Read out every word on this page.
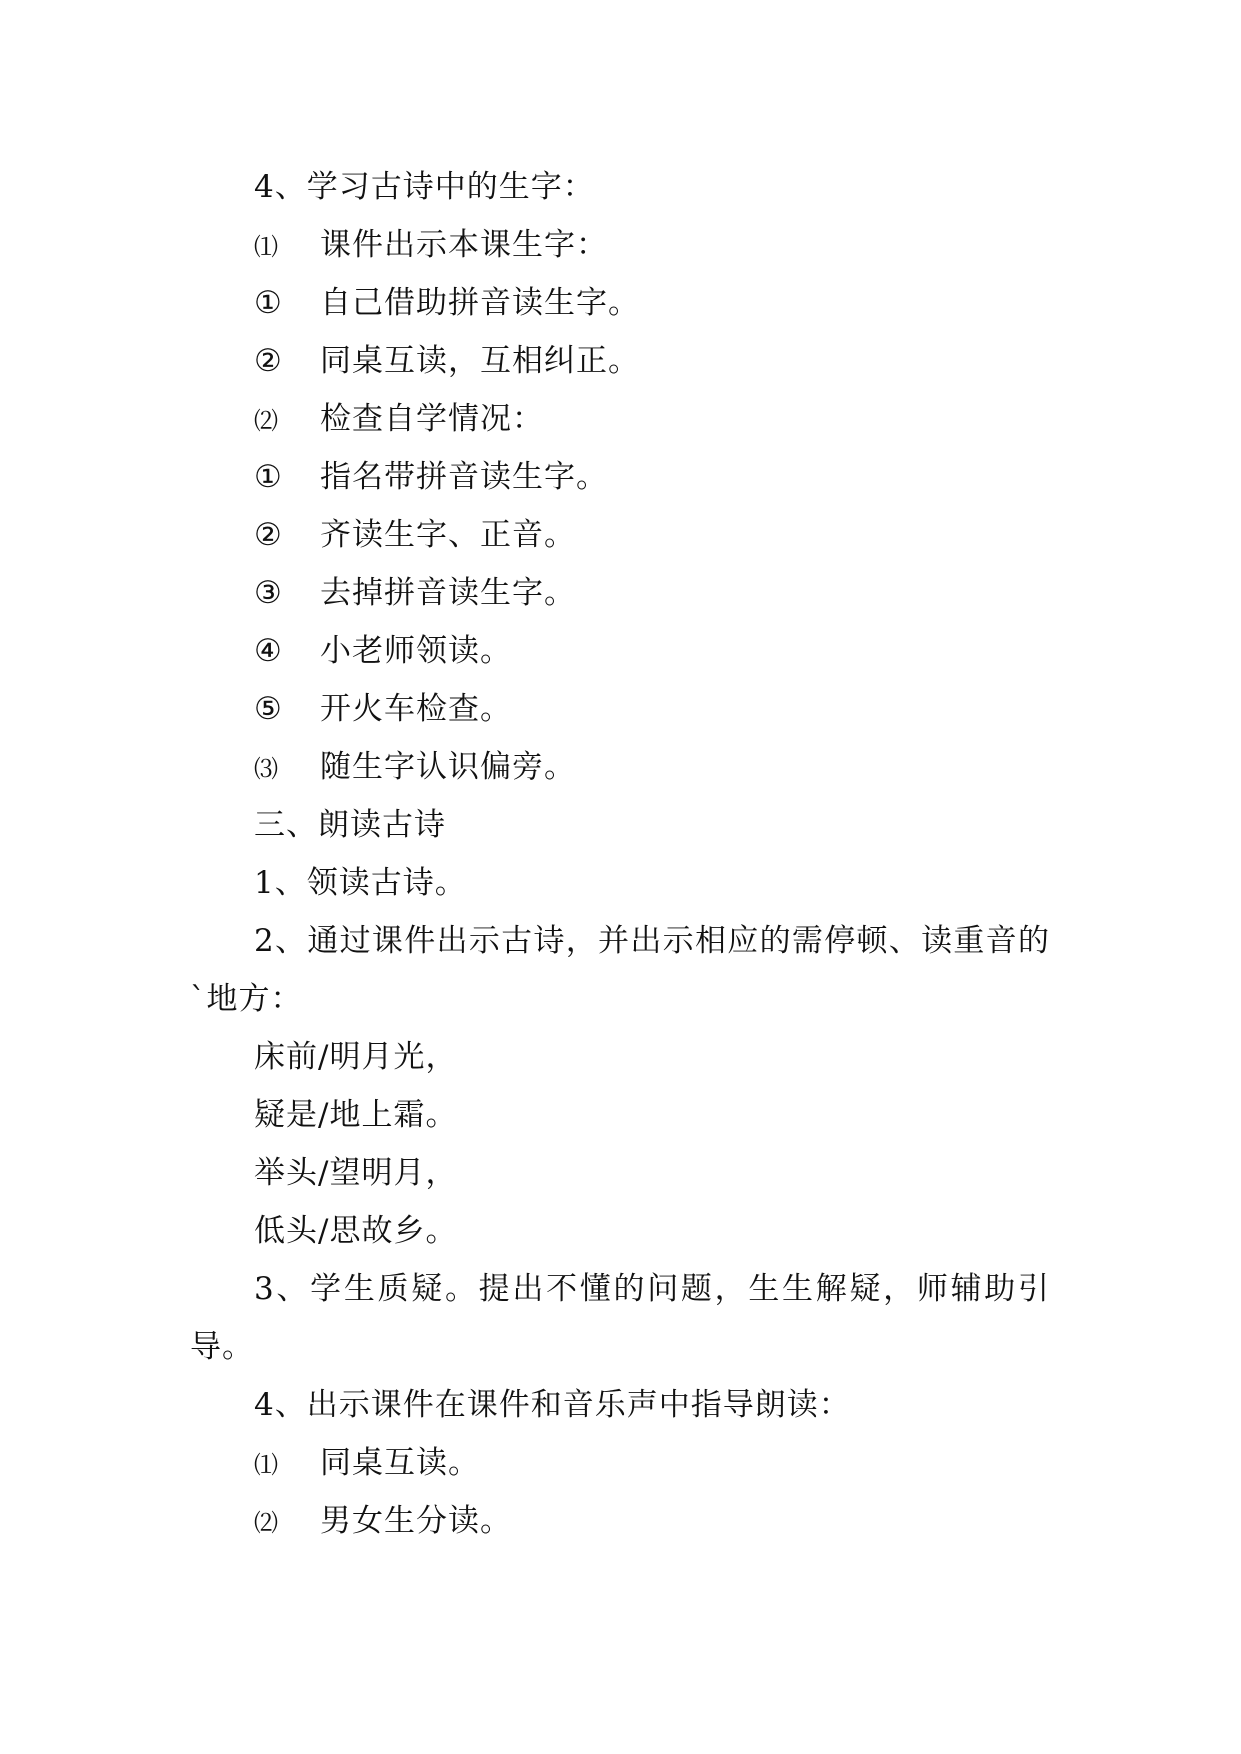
4、学习古诗中的生字：
⑴ 课件出示本课生字：
① 自己借助拼音读生字。
② 同桌互读，互相纠正。
⑵ 检查自学情况：
① 指名带拼音读生字。
② 齐读生字、正音。
③ 去掉拼音读生字。
④ 小老师领读。
⑤ 开火车检查。
⑶ 随生字认识偏旁。
三、朗读古诗
1、领读古诗。
2、通过课件出示古诗，并出示相应的需停顿、读重音的`地方：
床前/明月光，
疑是/地上霜。
举头/望明月，
低头/思故乡。
3、学生质疑。提出不懂的问题，生生解疑，师辅助引导。
4、出示课件在课件和音乐声中指导朗读：
⑴ 同桌互读。
⑵ 男女生分读。
